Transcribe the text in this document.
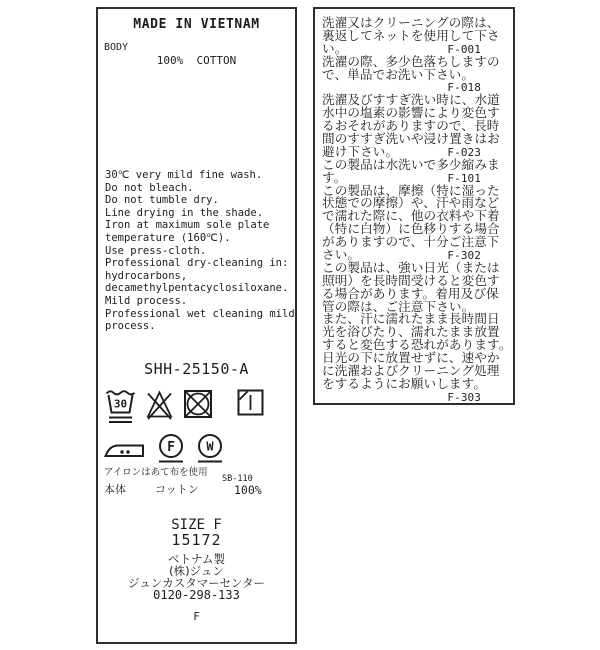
MADE IN VIETNAM
BODY
100%  COTTON
30℃ very mild fine wash.
Do not bleach.
Do not tumble dry.
Line drying in the shade.
Iron at maximum sole plate
temperature (160℃).
Use press-cloth.
Professional dry-cleaning in:
hydrocarbons,
decamethylpentacyclosiloxane.
Mild process.
Professional wet cleaning mild
process.
SHH-25150-A
30
F	W
アイロンはあて布を使用
本体	コットン
SB-110
100%
SIZE F
15172
ベトナム製
(株)ジュン
ジュンカスタマーセンター
0120-298-133
F
洗濯又はクリーニングの際は、
裏返してネットを使用して下さ
い。	F-001
洗濯の際、多少色落ちしますの
で、単品でお洗い下さい。
F-018
洗濯及びすすぎ洗い時に、水道
水中の塩素の影響により変色す
るおそれがありますので、長時
間のすすぎ洗いや浸け置きはお
避け下さい。	F-023
この製品は水洗いで多少縮みま
す。	F-101
この製品は、摩擦（特に湿った
状態での摩擦）や、汗や雨など
で濡れた際に、他の衣料や下着
（特に白物）に色移りする場合
がありますので、十分ご注意下
さい。	F-302
この製品は、強い日光（または
照明）を長時間受けると変色す
る場合があります。着用及び保
管の際は、ご注意下さい。
また、汗に濡れたまま長時間日
光を浴びたり、濡れたまま放置
すると変色する恐れがあります。
日光の下に放置せずに、速やか
に洗濯およびクリーニング処理
をするようにお願いします。
F-303
